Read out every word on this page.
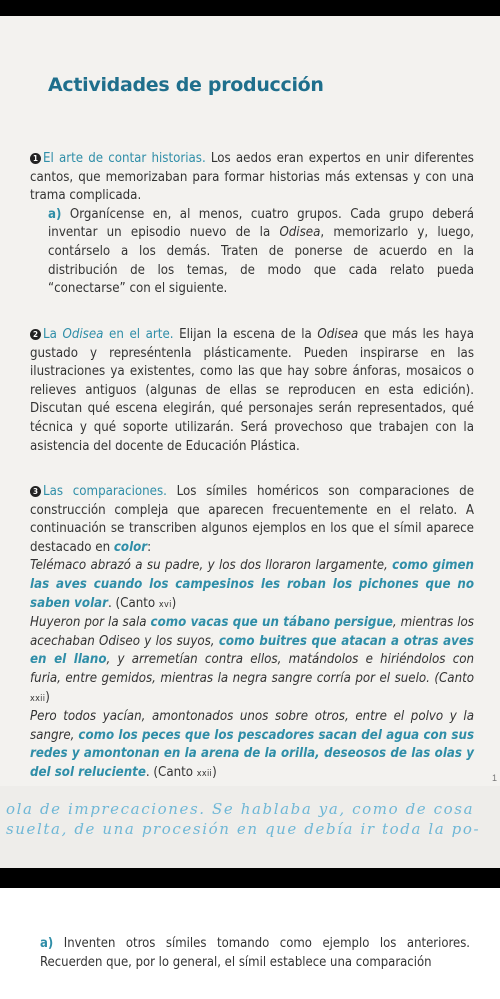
Actividades de producción
1 El arte de contar historias. Los aedos eran expertos en unir diferentes cantos, que memorizaban para formar historias más extensas y con una trama complicada.
a) Organícense en, al menos, cuatro grupos. Cada grupo deberá inventar un episodio nuevo de la Odisea, memorizarlo y, luego, contárselo a los demás. Traten de ponerse de acuerdo en la distribución de los temas, de modo que cada relato pueda “conectarse” con el siguiente.
2 La Odisea en el arte. Elijan la escena de la Odisea que más les haya gustado y represéntenla plásticamente. Pueden inspirarse en las ilustraciones ya existentes, como las que hay sobre ánforas, mosaicos o relieves antiguos (algunas de ellas se reproducen en esta edición). Discutan qué escena elegirán, qué personajes serán representados, qué técnica y qué soporte utilizarán. Será provechoso que trabajen con la asistencia del docente de Educación Plástica.
3 Las comparaciones. Los símiles homéricos son comparaciones de construcción compleja que aparecen frecuentemente en el relato. A continuación se transcriben algunos ejemplos en los que el símil aparece destacado en color:
Telémaco abrazó a su padre, y los dos lloraron largamente, como gimen las aves cuando los campesinos les roban los pichones que no saben volar. (Canto xvi)
Huyeron por la sala como vacas que un tábano persigue, mientras los acechaban Odiseo y los suyos, como buitres que atacan a otras aves en el llano, y arremetían contra ellos, matándolos e hiriéndolos con furia, entre gemidos, mientras la negra sangre corría por el suelo. (Canto xxii)
Pero todos yacían, amontonados unos sobre otros, entre el polvo y la sangre, como los peces que los pescadores sacan del agua con sus redes y amontonan en la arena de la orilla, deseosos de las olas y del sol reluciente. (Canto xxii)	1
ola de imprecaciones. Se hablaba ya, como de cosa
suelta, de una procesión en que debía ir toda la po-
a) Inventen otros símiles tomando como ejemplo los anteriores. Recuerden que, por lo general, el símil establece una comparación
